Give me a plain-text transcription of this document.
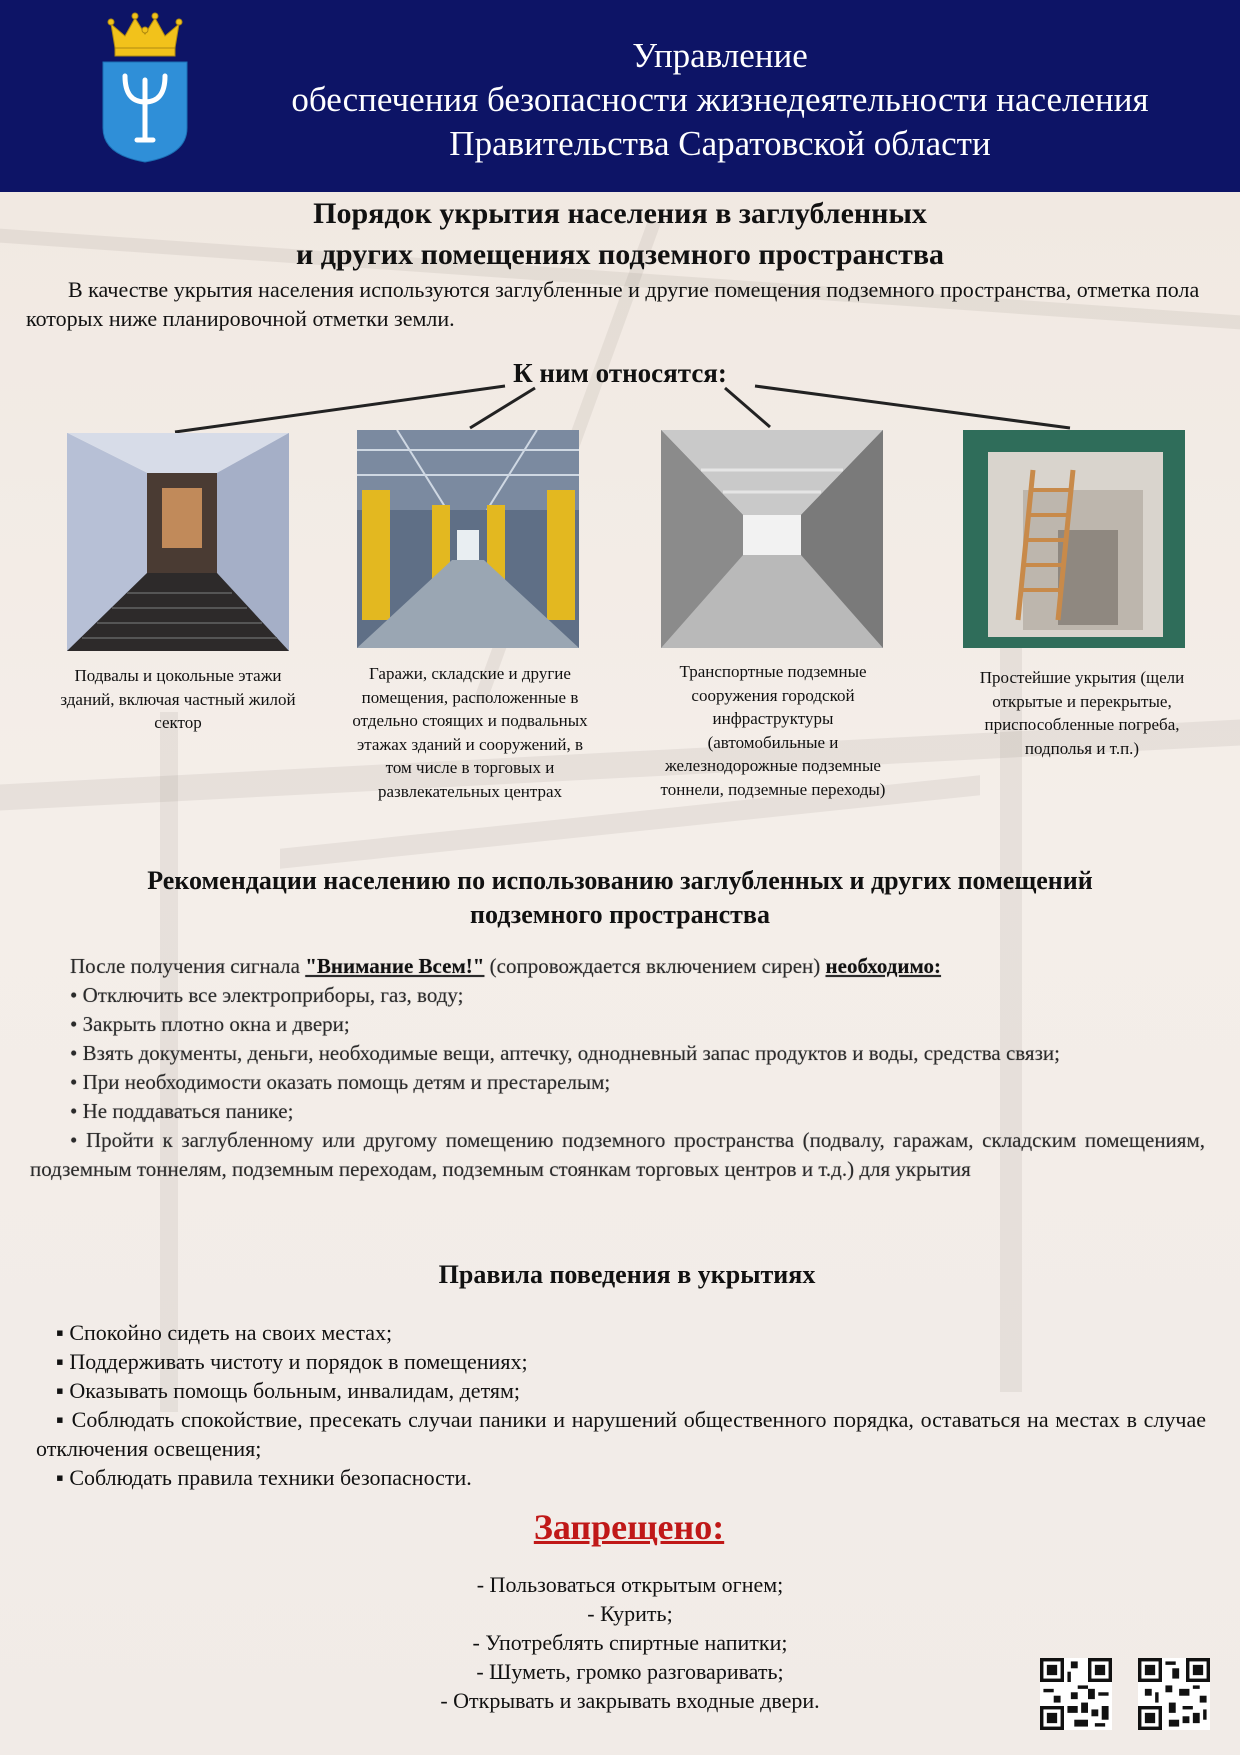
Управление
обеспечения безопасности жизнедеятельности населения
Правительства Саратовской области
Порядок укрытия населения в заглубленных
и других помещениях подземного пространства
В качестве укрытия населения используются заглубленные и другие помещения подземного пространства, отметка пола которых ниже планировочной отметки земли.
К ним относятся:
Подвалы и цокольные этажи зданий, включая частный жилой сектор
Гаражи, складские и другие помещения, расположенные в отдельно стоящих и подвальных этажах зданий и сооружений, в том числе в торговых и развлекательных центрах
Транспортные подземные сооружения городской инфраструктуры (автомобильные и железнодорожные подземные тоннели, подземные переходы)
Простейшие укрытия (щели открытые и перекрытые, приспособленные погреба, подполья и т.п.)
Рекомендации населению по использованию заглубленных и других помещений
подземного пространства

После получения сигнала "Внимание Всем!" (сопровождается включением сирен) необходимо:

• Отключить все электроприборы, газ, воду;

• Закрыть плотно окна и двери;

• Взять документы, деньги, необходимые вещи, аптечку, однодневный запас продуктов и воды, средства связи;

• При необходимости оказать помощь детям и престарелым;

• Не поддаваться панике;

• Пройти к заглубленному или другому помещению подземного пространства (подвалу, гаражам, складским помещениям, подземным тоннелям, подземным переходам, подземным стоянкам торговых центров и т.д.) для укрытия

Правила поведения в укрытиях

▪ Спокойно сидеть на своих местах;

▪ Поддерживать чистоту и порядок в помещениях;

▪ Оказывать помощь больным, инвалидам, детям;

▪ Соблюдать спокойствие, пресекать случаи паники и нарушений общественного порядка, оставаться на местах в случае отключения освещения;

▪ Соблюдать правила техники безопасности.

Запрещено:
- Пользоваться открытым огнем;
- Курить;
- Употреблять спиртные напитки;
- Шуметь, громко разговаривать;
- Открывать и закрывать входные двери.
